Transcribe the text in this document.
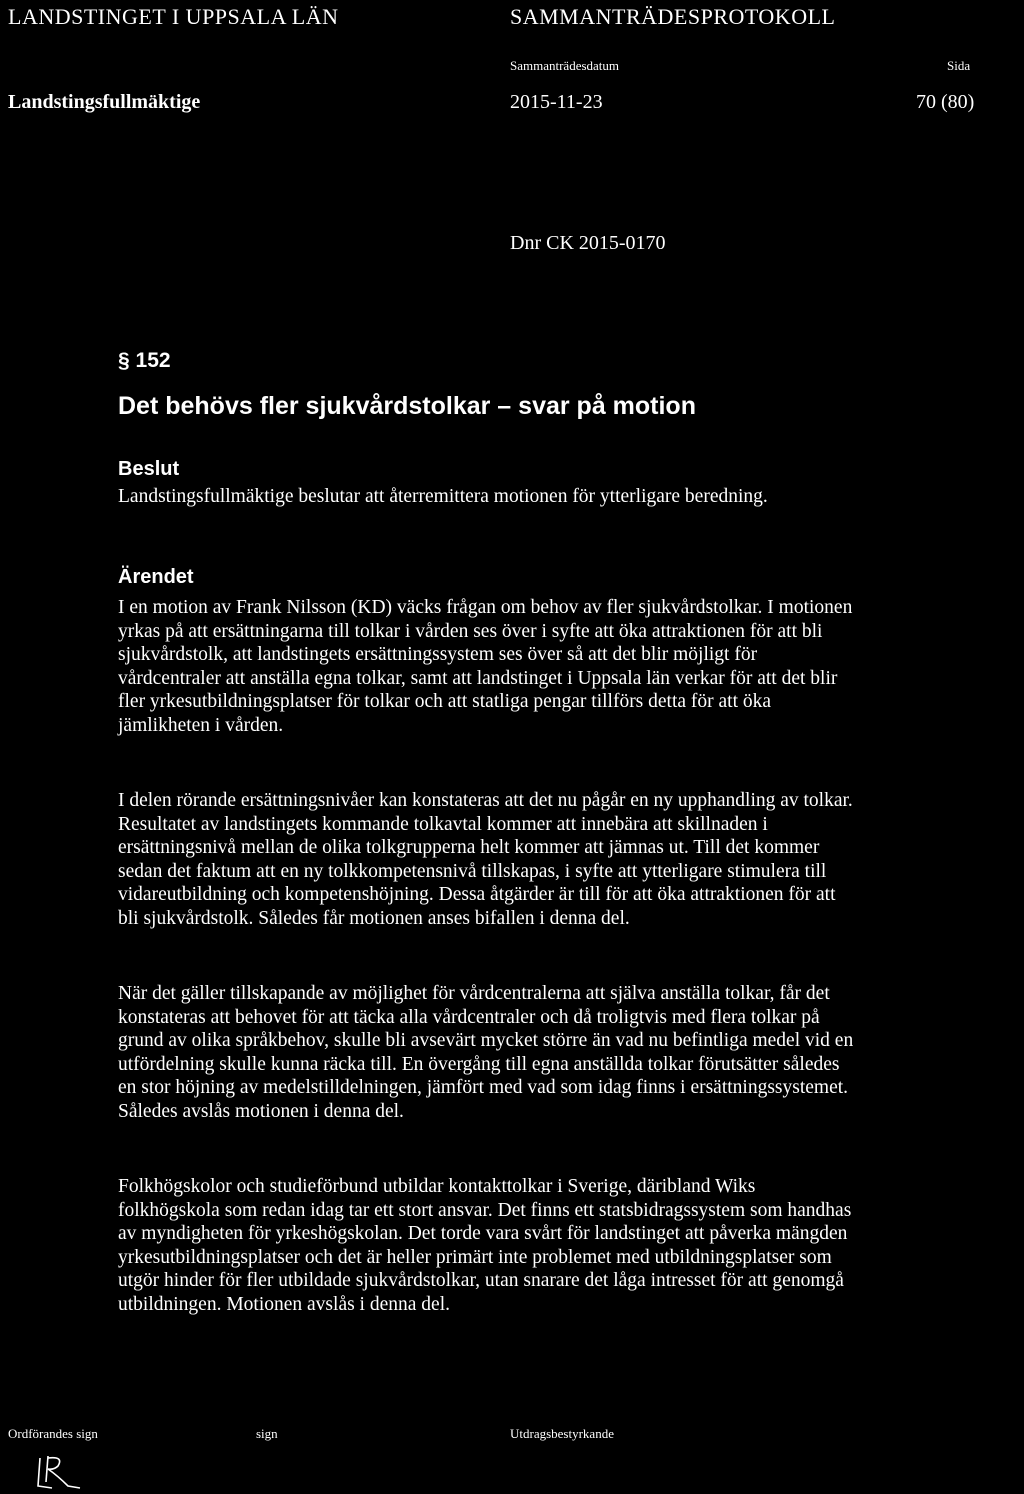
LANDSTINGET I UPPSALA LÄN	SAMMANTRÄDESPROTOKOLL
Sammanträdesdatum	Sida
Landstingsfullmäktige	2015-11-23	70 (80)
Dnr CK 2015-0170
§ 152
Det behövs fler sjukvårdstolkar – svar på motion
Beslut
Landstingsfullmäktige beslutar att återremittera motionen för ytterligare beredning.
Ärendet
I en motion av Frank Nilsson (KD) väcks frågan om behov av fler sjukvårdstolkar. I motionen
yrkas på att ersättningarna till tolkar i vården ses över i syfte att öka attraktionen för att bli
sjukvårdstolk, att landstingets ersättningssystem ses över så att det blir möjligt för
vårdcentraler att anställa egna tolkar, samt att landstinget i Uppsala län verkar för att det blir
fler yrkesutbildningsplatser för tolkar och att statliga pengar tillförs detta för att öka
jämlikheten i vården.
I delen rörande ersättningsnivåer kan konstateras att det nu pågår en ny upphandling av tolkar.
Resultatet av landstingets kommande tolkavtal kommer att innebära att skillnaden i
ersättningsnivå mellan de olika tolkgrupperna helt kommer att jämnas ut. Till det kommer
sedan det faktum att en ny tolkkompetensnivå tillskapas, i syfte att ytterligare stimulera till
vidareutbildning och kompetenshöjning. Dessa åtgärder är till för att öka attraktionen för att
bli sjukvårdstolk. Således får motionen anses bifallen i denna del.
När det gäller tillskapande av möjlighet för vårdcentralerna att själva anställa tolkar, får det
konstateras att behovet för att täcka alla vårdcentraler och då troligtvis med flera tolkar på
grund av olika språkbehov, skulle bli avsevärt mycket större än vad nu befintliga medel vid en
utfördelning skulle kunna räcka till. En övergång till egna anställda tolkar förutsätter således
en stor höjning av medelstilldelningen, jämfört med vad som idag finns i ersättningssystemet.
Således avslås motionen i denna del.
Folkhögskolor och studieförbund utbildar kontakttolkar i Sverige, däribland Wiks
folkhögskola som redan idag tar ett stort ansvar. Det finns ett statsbidragssystem som handhas
av myndigheten för yrkeshögskolan. Det torde vara svårt för landstinget att påverka mängden
yrkesutbildningsplatser och det är heller primärt inte problemet med utbildningsplatser som
utgör hinder för fler utbildade sjukvårdstolkar, utan snarare det låga intresset för att genomgå
utbildningen. Motionen avslås i denna del.
Ordförandes sign	sign	Utdragsbestyrkande
